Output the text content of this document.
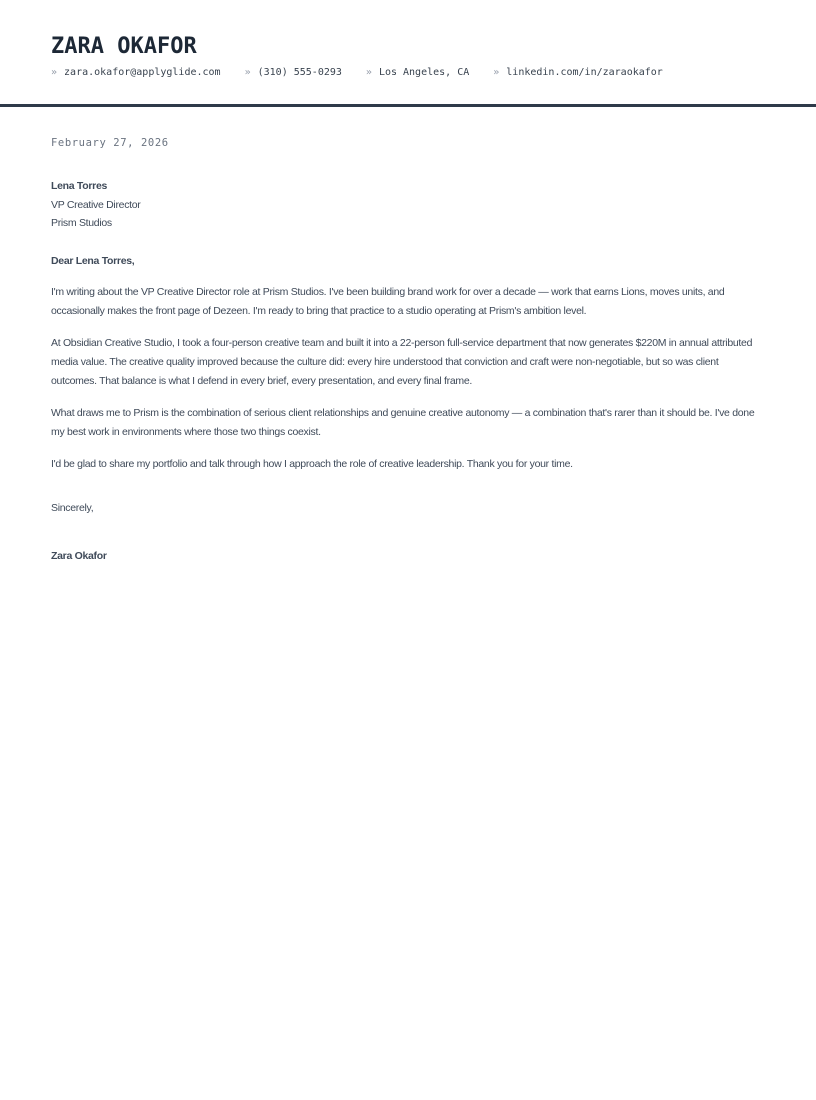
ZARA OKAFOR
» zara.okafor@applyglide.com » (310) 555-0293 » Los Angeles, CA » linkedin.com/in/zaraokafor
February 27, 2026
Lena Torres
VP Creative Director
Prism Studios
Dear Lena Torres,

I'm writing about the VP Creative Director role at Prism Studios. I've been building brand work for over a decade — work that earns Lions, moves units, and occasionally makes the front page of Dezeen. I'm ready to bring that practice to a studio operating at Prism's ambition level.

At Obsidian Creative Studio, I took a four-person creative team and built it into a 22-person full-service department that now generates $220M in annual attributed media value. The creative quality improved because the culture did: every hire understood that conviction and craft were non-negotiable, but so was client outcomes. That balance is what I defend in every brief, every presentation, and every final frame.

What draws me to Prism is the combination of serious client relationships and genuine creative autonomy — a combination that's rarer than it should be. I've done my best work in environments where those two things coexist.

I'd be glad to share my portfolio and talk through how I approach the role of creative leadership. Thank you for your time.

Sincerely,
Zara Okafor
